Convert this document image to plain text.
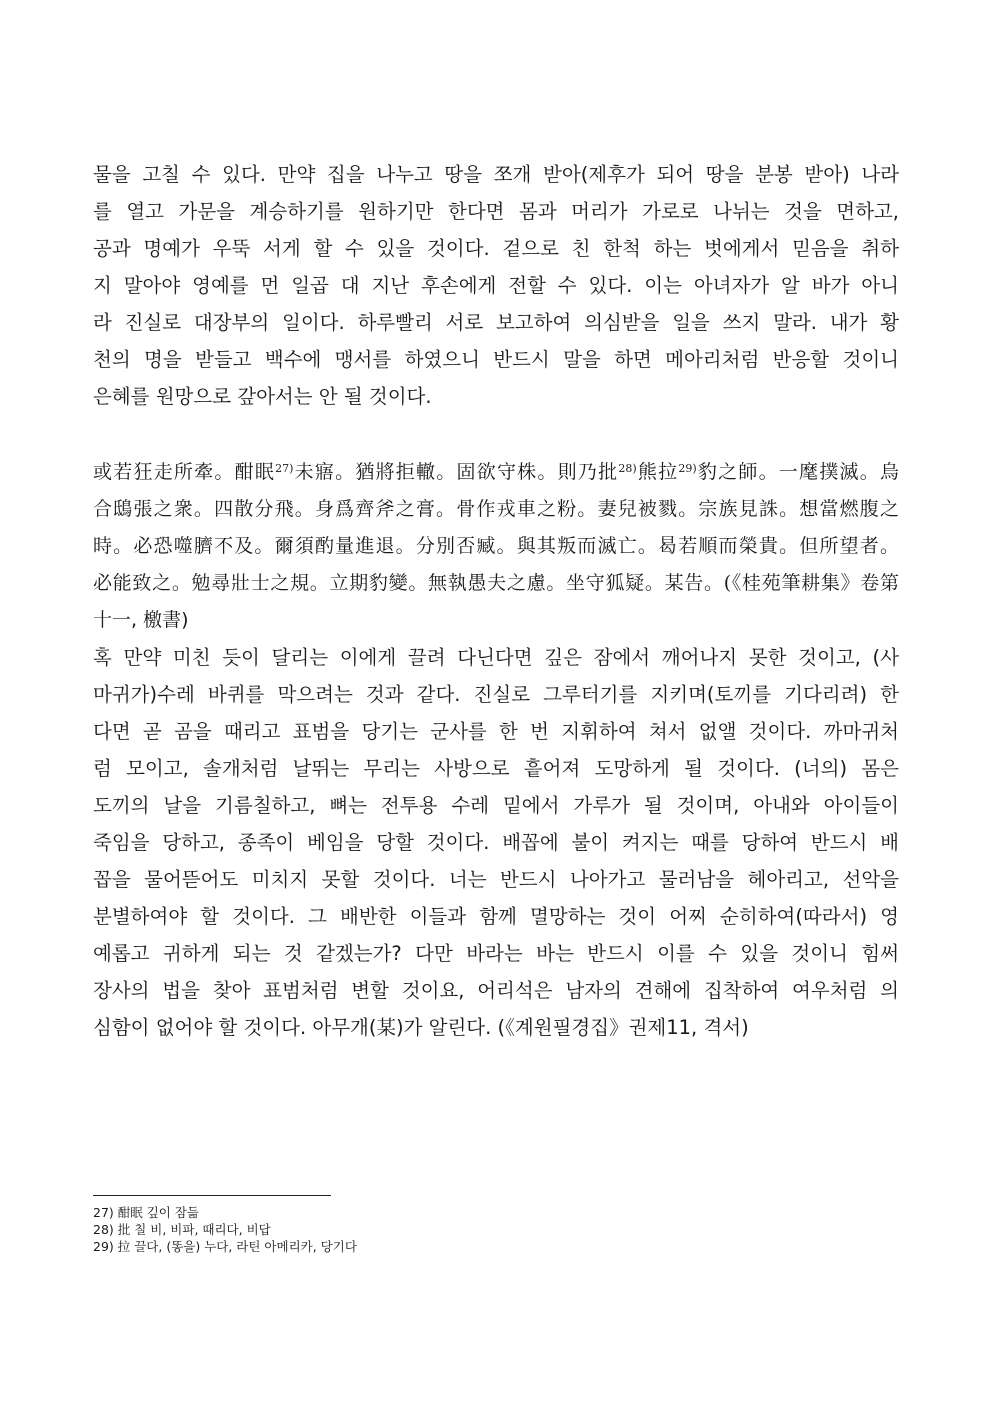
물을 고칠 수 있다. 만약 집을 나누고 땅을 쪼개 받아(제후가 되어 땅을 분봉 받아) 나라
를 열고 가문을 계승하기를 원하기만 한다면 몸과 머리가 가로로 나뉘는 것을 면하고,
공과 명예가 우뚝 서게 할 수 있을 것이다. 겉으로 친 한척 하는 벗에게서 믿음을 취하
지 말아야 영예를 먼 일곱 대 지난 후손에게 전할 수 있다. 이는 아녀자가 알 바가 아니
라 진실로 대장부의 일이다. 하루빨리 서로 보고하여 의심받을 일을 쓰지 말라. 내가 황
천의 명을 받들고 백수에 맹서를 하였으니 반드시 말을 하면 메아리처럼 반응할 것이니
은혜를 원망으로 갚아서는 안 될 것이다.
或若狂走所牽。酣眠$^{27)}$未寤。猶將拒轍。固欲守株。則乃批$^{28)}$熊拉$^{29)}$豹之師。一麾撲滅。烏
合鴟張之衆。四散分飛。身爲齊斧之膏。骨作戎車之粉。妻兒被戮。宗族見誅。想當燃腹之
時。必恐噬臍不及。爾須酌量進退。分別否臧。與其叛而滅亡。曷若順而榮貴。但所望者。
必能致之。勉尋壯士之規。立期豹變。無執愚夫之慮。坐守狐疑。某告。(《桂苑筆耕集》卷第
十一, 檄書)
혹 만약 미친 듯이 달리는 이에게 끌려 다닌다면 깊은 잠에서 깨어나지 못한 것이고, (사
마귀가)수레 바퀴를 막으려는 것과 같다. 진실로 그루터기를 지키며(토끼를 기다리려) 한
다면 곧 곰을 때리고 표범을 당기는 군사를 한 번 지휘하여 쳐서 없앨 것이다. 까마귀처
럼 모이고, 솔개처럼 날뛰는 무리는 사방으로 흩어져 도망하게 될 것이다. (너의) 몸은
도끼의 날을 기름칠하고, 뼈는 전투용 수레 밑에서 가루가 될 것이며, 아내와 아이들이
죽임을 당하고, 종족이 베임을 당할 것이다. 배꼽에 불이 켜지는 때를 당하여 반드시 배
꼽을 물어뜯어도 미치지 못할 것이다. 너는 반드시 나아가고 물러남을 헤아리고, 선악을
분별하여야 할 것이다. 그 배반한 이들과 함께 멸망하는 것이 어찌 순히하여(따라서) 영
예롭고 귀하게 되는 것 같겠는가? 다만 바라는 바는 반드시 이를 수 있을 것이니 힘써
장사의 법을 찾아 표범처럼 변할 것이요, 어리석은 남자의 견해에 집착하여 여우처럼 의
심함이 없어야 할 것이다. 아무개(某)가 알린다. (《계원필경집》권제11, 격서)
27) 酣眠 깊이 잠듦
28) 批 칠 비, 비파, 때리다, 비답
29) 拉 끌다, (똥을) 누다, 라틴 아메리카, 당기다
